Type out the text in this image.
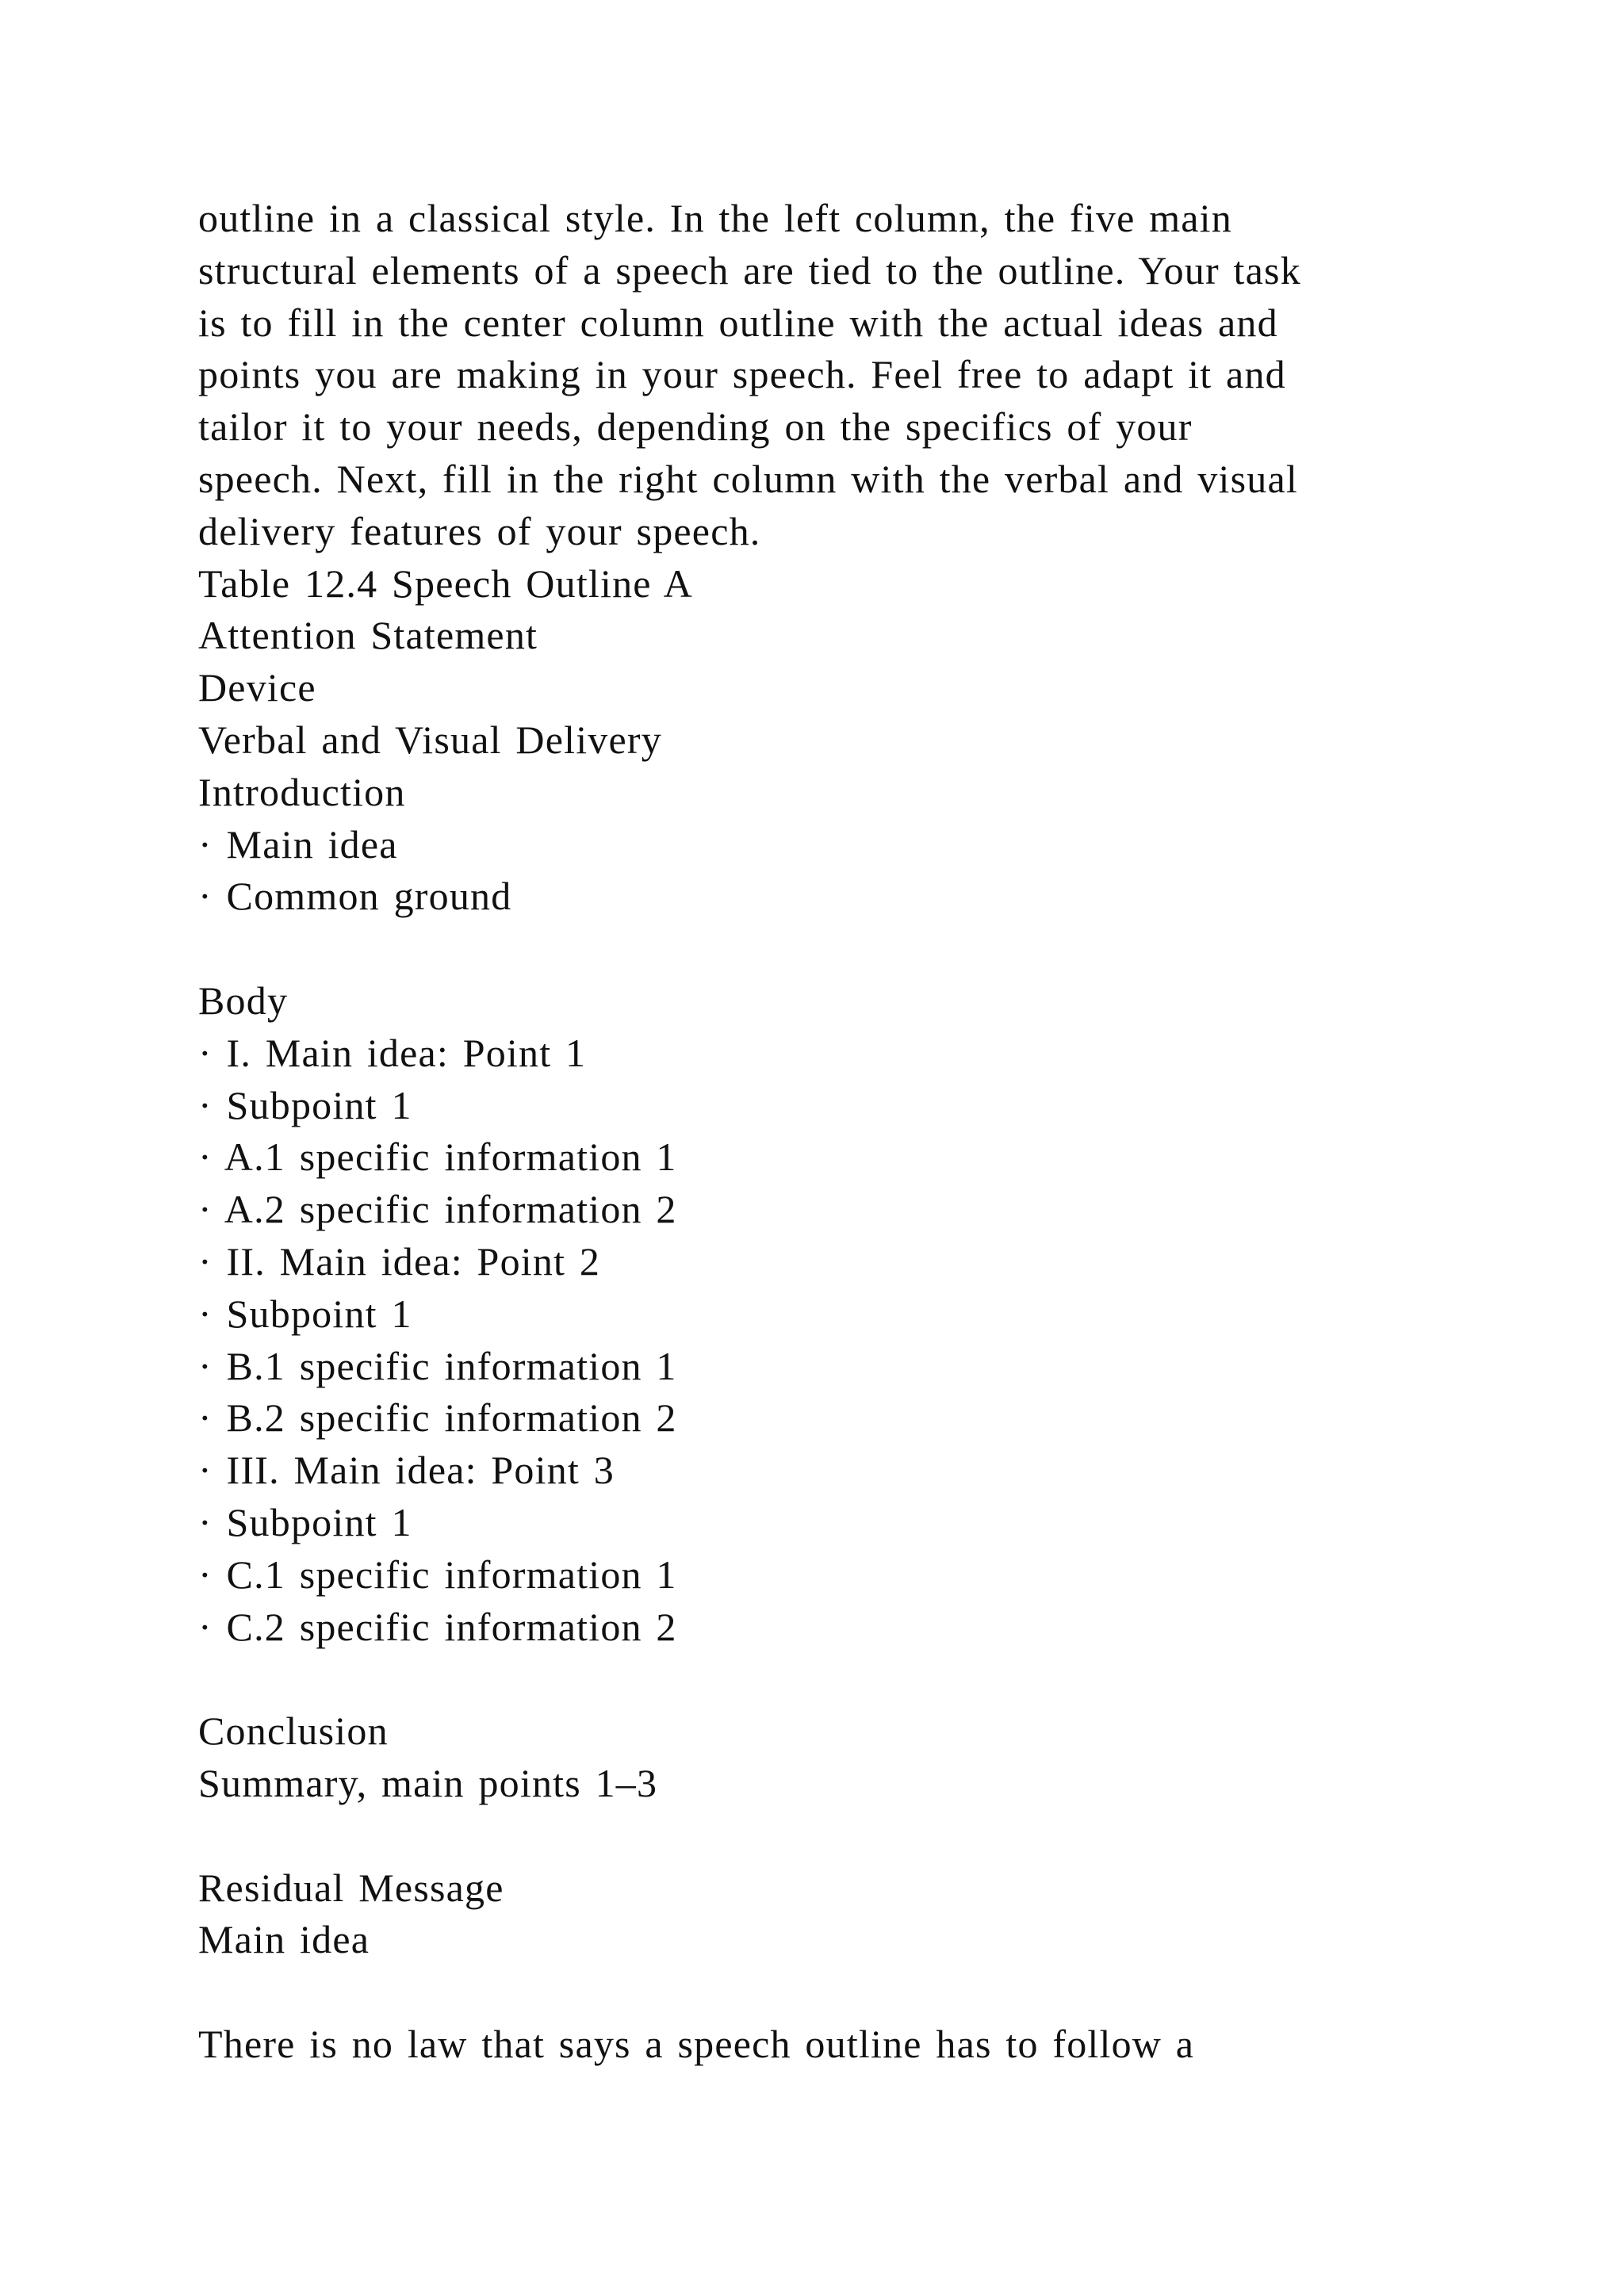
outline in a classical style. In the left column, the five main
structural elements of a speech are tied to the outline. Your task
is to fill in the center column outline with the actual ideas and
points you are making in your speech. Feel free to adapt it and
tailor it to your needs, depending on the specifics of your
speech. Next, fill in the right column with the verbal and visual
delivery features of your speech.
Table 12.4 Speech Outline A
Attention Statement
Device
Verbal and Visual Delivery
Introduction
· Main idea
· Common ground
Body
· I. Main idea: Point 1
· Subpoint 1
· A.1 specific information 1
· A.2 specific information 2
· II. Main idea: Point 2
· Subpoint 1
· B.1 specific information 1
· B.2 specific information 2
· III. Main idea: Point 3
· Subpoint 1
· C.1 specific information 1
· C.2 specific information 2
Conclusion
Summary, main points 1–3
Residual Message
Main idea
There is no law that says a speech outline has to follow a
